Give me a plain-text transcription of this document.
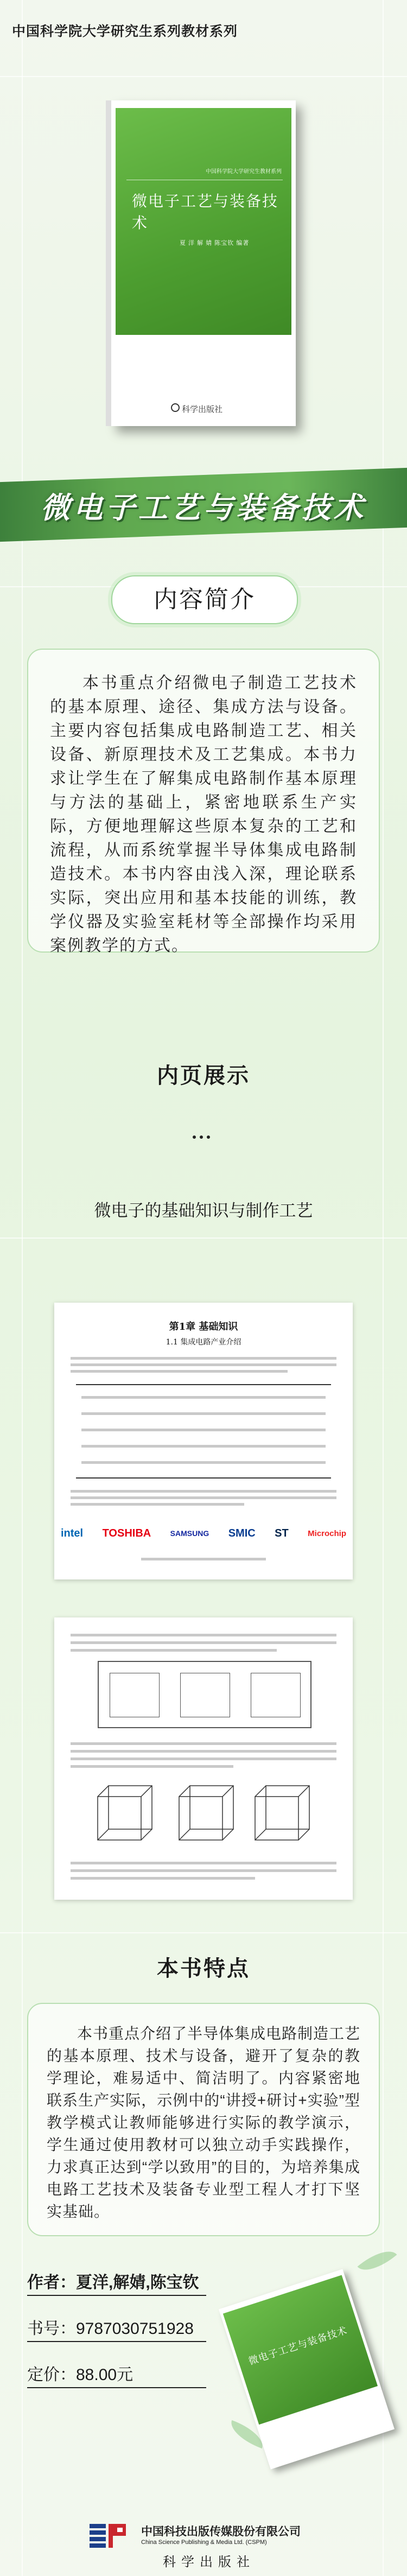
中国科学院大学研究生系列教材系列
中国科学院大学研究生教材系列
微电子工艺与装备技术
夏 洋 解 婧 陈宝钦 编著
科学出版社
微电子工艺与装备技术
内容简介

本书重点介绍微电子制造工艺技术的基本原理、途径、集成方法与设备。主要内容包括集成电路制造工艺、相关设备、新原理技术及工艺集成。本书力求让学生在了解集成电路制作基本原理与方法的基础上，紧密地联系生产实际，方便地理解这些原本复杂的工艺和流程，从而系统掌握半导体集成电路制造技术。本书内容由浅入深，理论联系实际，突出应用和基本技能的训练，教学仪器及实验室耗材等全部操作均采用案例教学的方式。

内页展示
微电子的基础知识与制作工艺
第1章 基础知识
1.1 集成电路产业介绍
intel TOSHIBA	SAMSUNG SMIC ST Microchip
本书特点

本书重点介绍了半导体集成电路制造工艺的基本原理、技术与设备，避开了复杂的教学理论，难易适中、简洁明了。内容紧密地联系生产实际，示例中的“讲授+研讨+实验”型教学模式让教师能够进行实际的教学演示，学生通过使用教材可以独立动手实践操作，力求真正达到“学以致用”的目的，为培养集成电路工艺技术及装备专业型工程人才打下坚实基础。

作者：夏洋,解婧,陈宝钦
书号：9787030751928
定价：88.00元
微电子工艺与装备技术
中国科技出版传媒股份有限公司
China Science Publishing & Media Ltd. (CSPM)
科学出版社
